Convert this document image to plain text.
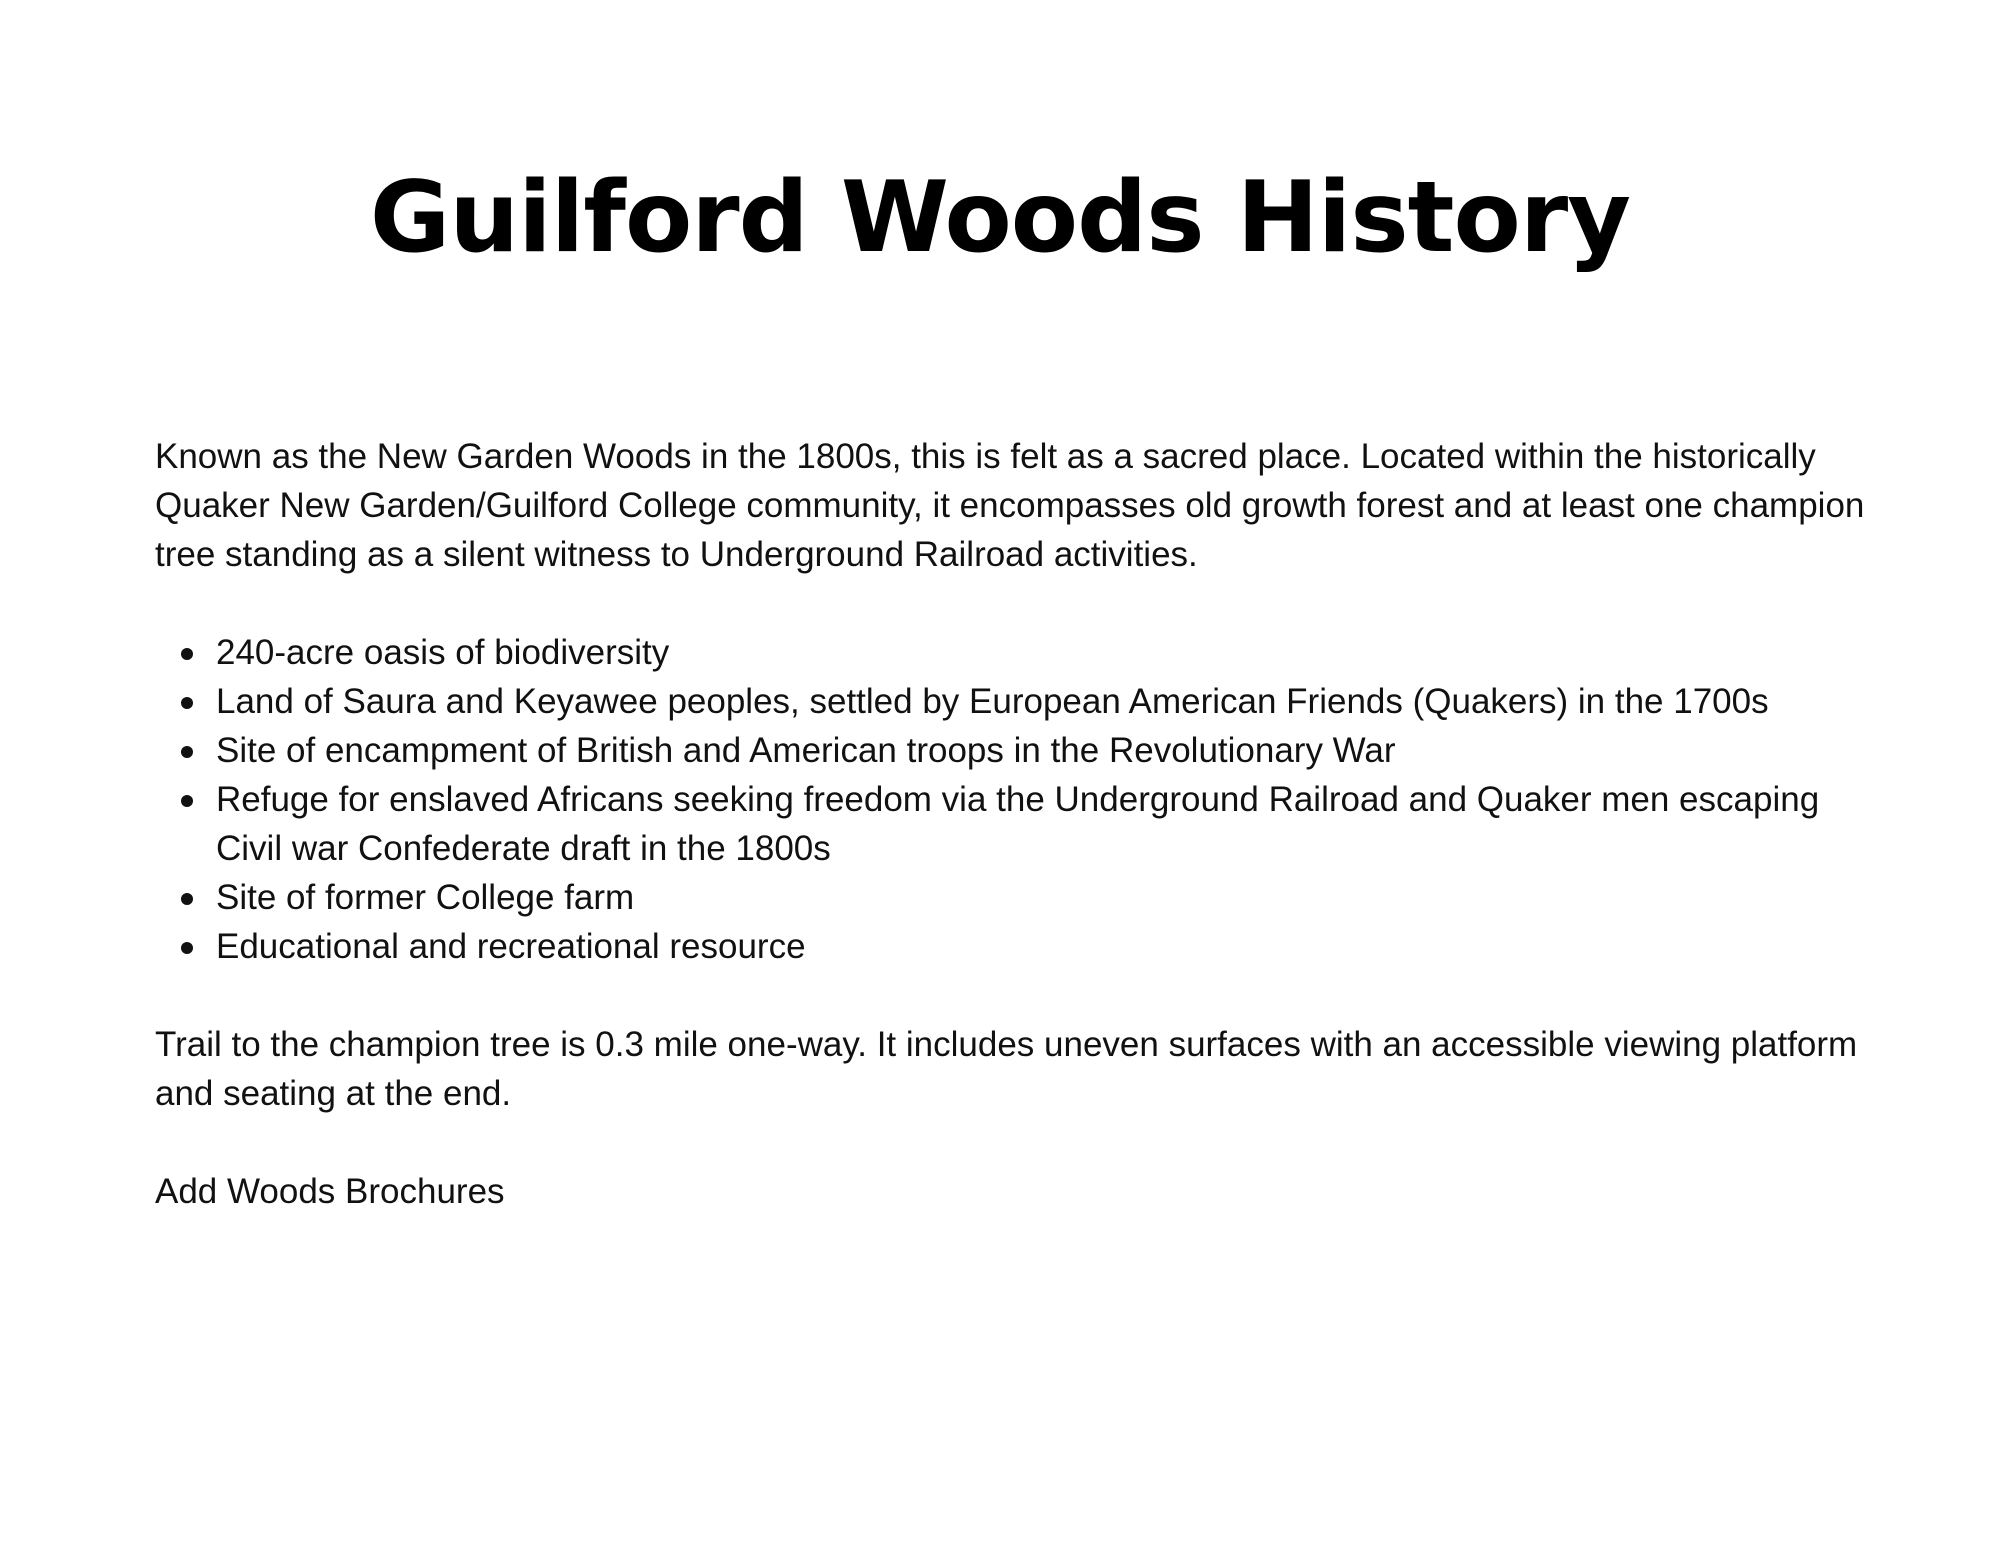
Guilford Woods History

Known as the New Garden Woods in the 1800s, this is felt as a sacred place. Located within the historically Quaker New Garden/Guilford College community, it encompasses old growth forest and at least one champion tree standing as a silent witness to Underground Railroad activities.

240-acre oasis of biodiversity
Land of Saura and Keyawee peoples, settled by European American Friends (Quakers) in the 1700s
Site of encampment of British and American troops in the Revolutionary War
Refuge for enslaved Africans seeking freedom via the Underground Railroad and Quaker men escaping Civil war Confederate draft in the 1800s
Site of former College farm
Educational and recreational resource

Trail to the champion tree is 0.3 mile one-way. It includes uneven surfaces with an accessible viewing platform and seating at the end.

Add Woods Brochures
